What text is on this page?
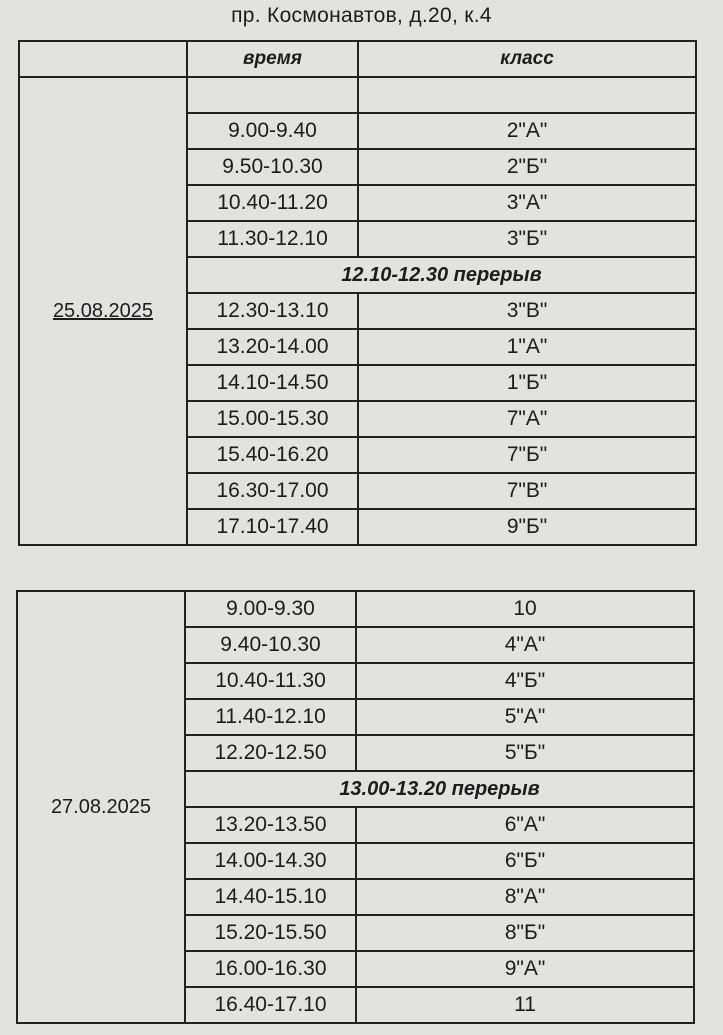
пр. Космонавтов, д.20, к.4
	время	класс
25.08.2025		
	9.00-9.40	2"А"
	9.50-10.30	2"Б"
	10.40-11.20	3"А"
	11.30-12.10	3"Б"
	12.10-12.30 перерыв	
	12.30-13.10	3"В"
	13.20-14.00	1"А"
	14.10-14.50	1"Б"
	15.00-15.30	7"А"
	15.40-16.20	7"Б"
	16.30-17.00	7"В"
	17.10-17.40	9"Б"
27.08.2025	9.00-9.30	10
	9.40-10.30	4"А"
	10.40-11.30	4"Б"
	11.40-12.10	5"А"
	12.20-12.50	5"Б"
	13.00-13.20 перерыв	
	13.20-13.50	6"А"
	14.00-14.30	6"Б"
	14.40-15.10	8"А"
	15.20-15.50	8"Б"
	16.00-16.30	9"А"
	16.40-17.10	11
